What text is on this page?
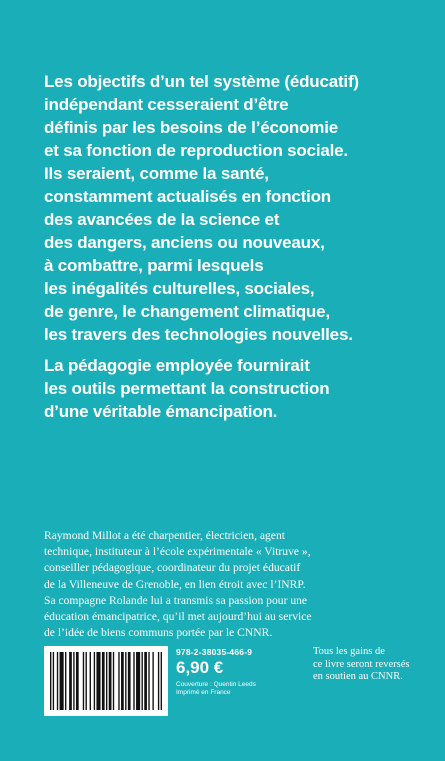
Les objectifs d’un tel système (éducatif)
indépendant cesseraient d’être
définis par les besoins de l’économie
et sa fonction de reproduction sociale.
Ils seraient, comme la santé,
constamment actualisés en fonction
des avancées de la science et
des dangers, anciens ou nouveaux,
à combattre, parmi lesquels
les inégalités culturelles, sociales,
de genre, le changement climatique,
les travers des technologies nouvelles.
La pédagogie employée fournirait
les outils permettant la construction
d’une véritable émancipation.
Raymond Millot a été charpentier, électricien, agent
technique, instituteur à l’école expérimentale « Vitruve »,
conseiller pédagogique, coordinateur du projet éducatif
de la Villeneuve de Grenoble, en lien étroit avec l’INRP.
Sa compagne Rolande lui a transmis sa passion pour une
éducation émancipatrice, qu’il met aujourd’hui au service
de l’idée de biens communs portée par le CNNR.
978-2-38035-466-9
6,90 €
Couverture : Quentin Leeds
Imprimé en France
Tous les gains de
ce livre seront reversés
en soutien au CNNR.
